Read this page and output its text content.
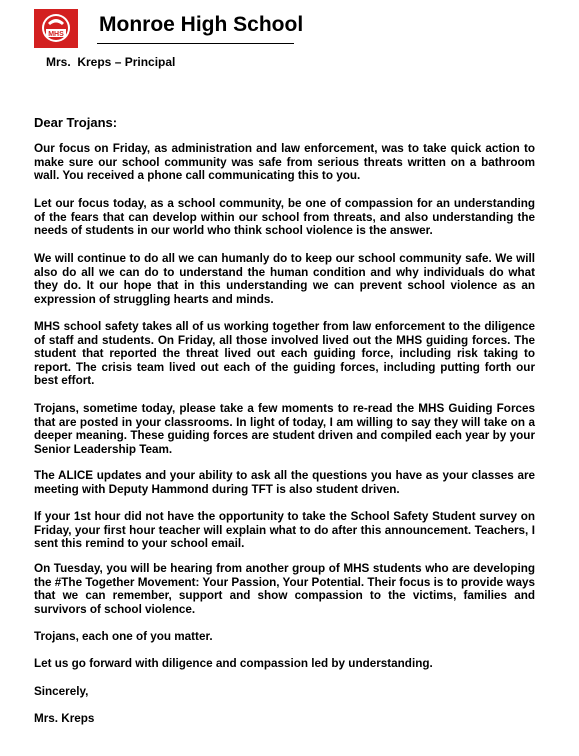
MHS Monroe High School
Mrs.  Kreps – Principal
Dear Trojans:
Our focus on Friday, as administration and law enforcement, was to take quick action to make sure our school community was safe from serious threats written on a bathroom wall. You received a phone call communicating this to you.
Let our focus today, as a school community, be one of compassion for an understanding of the fears that can develop within our school from threats, and also understanding the needs of students in our world who think school violence is the answer.
We will continue to do all we can humanly do to keep our school community safe. We will also do all we can do to understand the human condition and why individuals do what they do. It our hope that in this understanding we can prevent school violence as an expression of struggling hearts and minds.
MHS school safety takes all of us working together from law enforcement to the diligence of staff and students. On Friday, all those involved lived out the MHS guiding forces. The student that reported the threat lived out each guiding force, including risk taking to report. The crisis team lived out each of the guiding forces, including putting forth our best effort.
Trojans, sometime today, please take a few moments to re-read the MHS Guiding Forces that are posted in your classrooms. In light of today, I am willing to say they will take on a deeper meaning. These guiding forces are student driven and compiled each year by your Senior Leadership Team.
The ALICE updates and your ability to ask all the questions you have as your classes are meeting with Deputy Hammond during TFT is also student driven.
If your 1st hour did not have the opportunity to take the School Safety Student survey on Friday, your first hour teacher will explain what to do after this announcement. Teachers, I sent this remind to your school email.
On Tuesday, you will be hearing from another group of MHS students who are developing the #The Together Movement: Your Passion, Your Potential. Their focus is to provide ways that we can remember, support and show compassion to the victims, families and survivors of school violence.
Trojans, each one of you matter.
Let us go forward with diligence and compassion led by understanding.
Sincerely,
Mrs. Kreps
